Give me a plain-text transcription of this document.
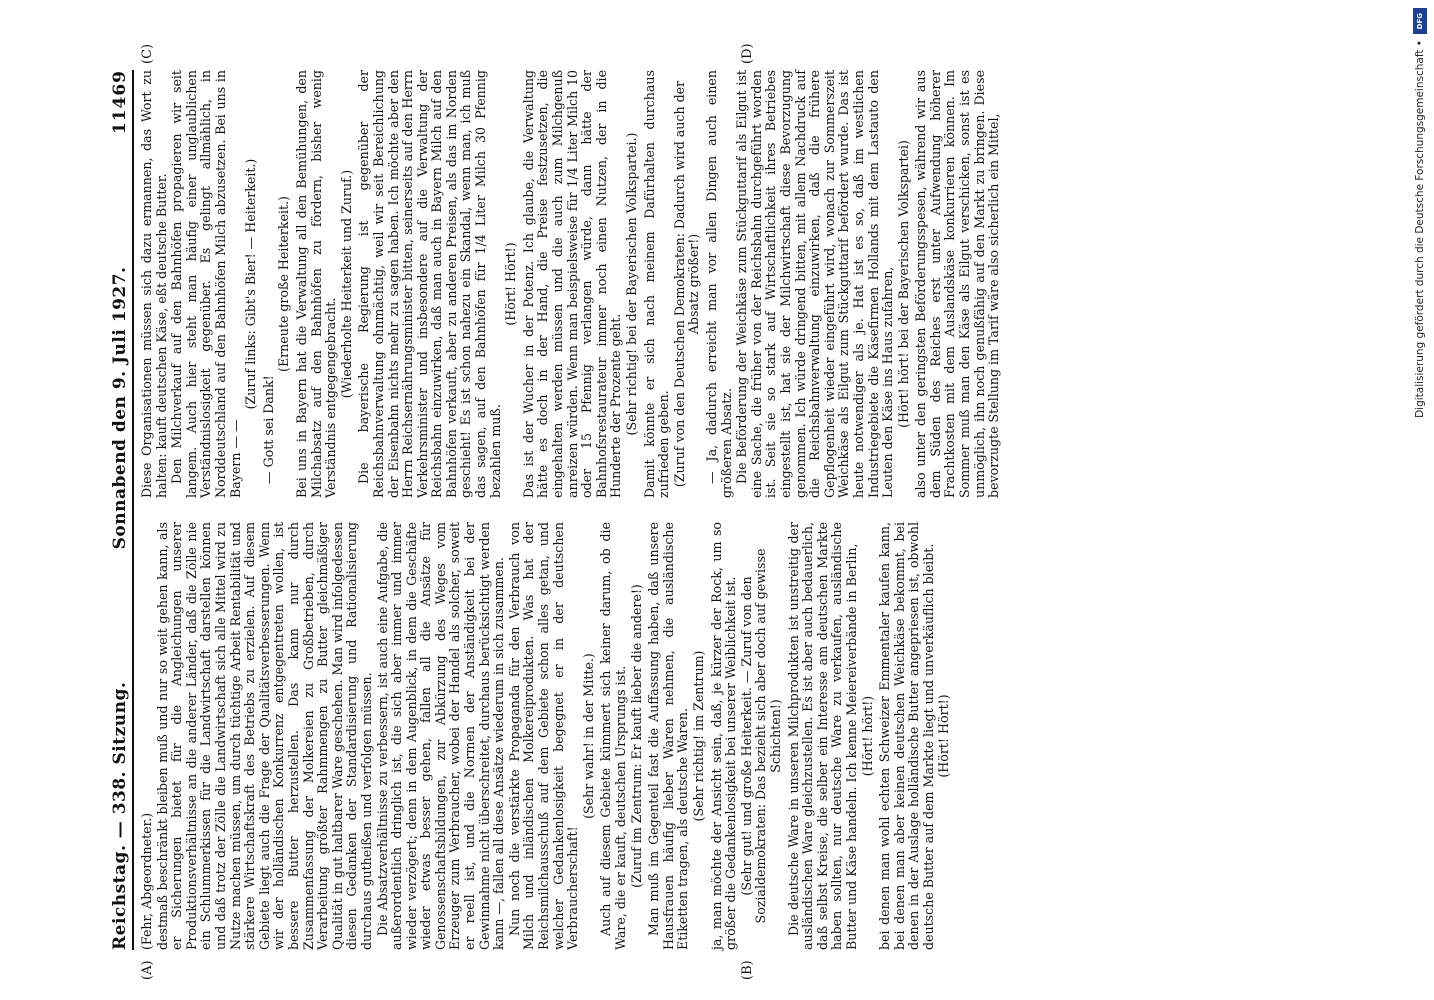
Reichstag. — 338. Sitzung.
Sonnabend den 9. Juli 1927.
11469
(A)	(B)
(C)	(D)

(Fehr, Abgeordneter.) destmaß beschränkt bleiben muß und nur so weit gehen kann, als er Sicherungen bietet für die Angleichungen unserer Produktionsverhältnisse an die anderer Länder, daß die Zölle nie ein Schlummerkissen für die Landwirtschaft darstellen können und daß trotz der Zölle die Landwirtschaft sich alle Mittel wird zu Nutze machen müssen, um durch tüchtige Arbeit Rentabilität und stärkere Wirtschaftskraft des Betriebs zu erzielen. Auf diesem Gebiete liegt auch die Frage der Qualitätsverbesserungen. Wenn wir der holländischen Konkurrenz entgegentreten wollen, ist bessere Butter herzustellen. Das kann nur durch Zusammenfassung der Molkereien zu Großbetrieben, durch Verarbeitung größter Rahmmengen zu Butter gleichmäßiger Qualität in gut haltbarer Ware geschehen. Man wird infolgedessen diesen Gedanken der Standardisierung und Rationalisierung durchaus gutheißen und verfolgen müssen. Die Absatzverhältnisse zu verbessern, ist auch eine Aufgabe, die außerordentlich dringlich ist, die sich aber immer und immer wieder verzögert; denn in dem Augenblick, in dem die Geschäfte wieder etwas besser gehen, fallen all die Ansätze für Genossenschaftsbildungen, zur Abkürzung des Weges vom Erzeuger zum Verbraucher, wobei der Handel als solcher, soweit er reell ist, und die Normen der Anständigkeit bei der Gewinnahme nicht überschreitet, durchaus berücksichtigt werden kann —, fallen all diese Ansätze wiederum in sich zusammen. Nun noch die verstärkte Propaganda für den Verbrauch von Milch und inländischen Molkereiprodukten. Was hat der Reichsmilchausschuß auf dem Gebiete schon alles getan, und welcher Gedankenlosigkeit begegnet er in der deutschen Verbraucherschaft!

(Sehr wahr! in der Mitte.) Auch auf diesem Gebiete kümmert sich keiner darum, ob die Ware, die er kauft, deutschen Ursprungs ist. (Zuruf im Zentrum: Er kauft lieber die andere!) Man muß im Gegenteil fast die Auffassung haben, daß unsere Hausfrauen häufig lieber Waren nehmen, die ausländische Etiketten tragen, als deutsche Waren. (Sehr richtig! im Zentrum) ja, man möchte der Ansicht sein, daß, je kürzer der Rock, um so größer die Gedankenlosigkeit bei unserer Weiblichkeit ist. (Sehr gut! und große Heiterkeit. — Zuruf von den Sozialdemokraten: Das bezieht sich aber doch auf gewisse Schichten!) Die deutsche Ware in unseren Milchprodukten ist unstreitig der ausländischen Ware gleichzustellen. Es ist aber auch bedauerlich, daß selbst Kreise, die selber ein Interesse am deutschen Markte haben sollten, nur deutsche Ware zu verkaufen, ausländische Butter und Käse handeln. Ich kenne Meiereiverbände in Berlin, (Hört! hört!) bei denen man wohl echten Schweizer Emmentaler kaufen kann, bei denen man aber keinen deutschen Weichkäse bekommt, bei denen in der Auslage holländische Butter angepriesen ist, obwohl deutsche Butter auf dem Markte liegt und unverkäuflich bleibt. (Hört! Hört!)

Diese Organisationen müssen sich dazu ermannen, das Wort zu halten: kauft deutschen Käse, eßt deutsche Butter. Den Milchverkauf auf den Bahnhöfen propagieren wir seit langem. Auch hier steht man häufig einer unglaublichen Verständnislosigkeit gegenüber. Es gelingt allmählich, in Norddeutschland auf den Bahnhöfen Milch abzusetzen. Bei uns in Bayern — —

(Zuruf links: Gibt's Bier! — Heiterkeit.)

— Gott sei Dank!

(Erneute große Heiterkeit.) Bei uns in Bayern hat die Verwaltung all den Bemühungen, den Milchabsatz auf den Bahnhöfen zu fördern, bisher wenig Verständnis entgegengebracht. (Wiederholte Heiterkeit und Zuruf.) Die bayerische Regierung ist gegenüber der Reichsbahnverwaltung ohnmächtig, weil wir seit Bereichlichung der Eisenbahn nichts mehr zu sagen haben. Ich möchte aber den Herrn Reichsernährungsminister bitten, seinerseits auf den Herrn Verkehrsminister und insbesondere auf die Verwaltung der Reichsbahn einzuwirken, daß man auch in Bayern Milch auf den Bahnhöfen verkauft, aber zu anderen Preisen, als das im Norden geschieht! Es ist schon nahezu ein Skandal, wenn man, ich muß das sagen, auf den Bahnhöfen für 1/4 Liter Milch 30 Pfennig bezahlen muß.

(Hört! Hört!) Das ist der Wucher in der Potenz. Ich glaube, die Verwaltung hätte es doch in der Hand, die Preise festzusetzen, die eingehalten werden müssen und die auch zum Milchgenuß anreizen würden. Wenn man beispielsweise für 1/4 Liter Milch 10 oder 15 Pfennig verlangen würde, dann hätte der Bahnhofsrestaurateur immer noch einen Nutzen, der in die Hunderte der Prozente geht. (Sehr richtig! bei der Bayerischen Volkspartei.) Damit könnte er sich nach meinem Dafürhalten durchaus zufrieden geben. (Zuruf von den Deutschen Demokraten: Dadurch wird auch der Absatz größer!) — Ja, dadurch erreicht man vor allen Dingen auch einen größeren Absatz. Die Beförderung der Weichkäse zum Stückguttarif als Eilgut ist eine Sache, die früher von der Reichsbahn durchgeführt worden ist. Seit sie so stark auf Wirtschaftlichkeit ihres Betriebes eingestellt ist, hat sie der Milchwirtschaft diese Bevorzugung genommen. Ich würde dringend bitten, mit allem Nachdruck auf die Reichsbahnverwaltung einzuwirken, daß die frühere Gepflogenheit wieder eingeführt wird, wonach zur Sommerszeit Weichkäse als Eilgut zum Stückguttarif befördert wurde. Das ist heute notwendiger als je. Hat ist es so, daß im westlichen Industriegebiete die Käsefirmen Hollands mit dem Lastauto den Leuten den Käse ins Haus zufahren, (Hört! hört! bei der Bayerischen Volkspartei) also unter den geringsten Beförderungsspesen, während wir aus dem Süden des Reiches erst unter Aufwendung höherer Frachtkosten mit dem Auslandskäse konkurrieren können. Im Sommer muß man den Käse als Eilgut verschicken, sonst ist es unmöglich, ihn noch genußfähig auf den Markt zu bringen. Diese bevorzugte Stellung im Tarif wäre also sicherlich ein Mittel,

DFG
Digitalisierung gefördert durch die Deutsche Forschungsgemeinschaft •
